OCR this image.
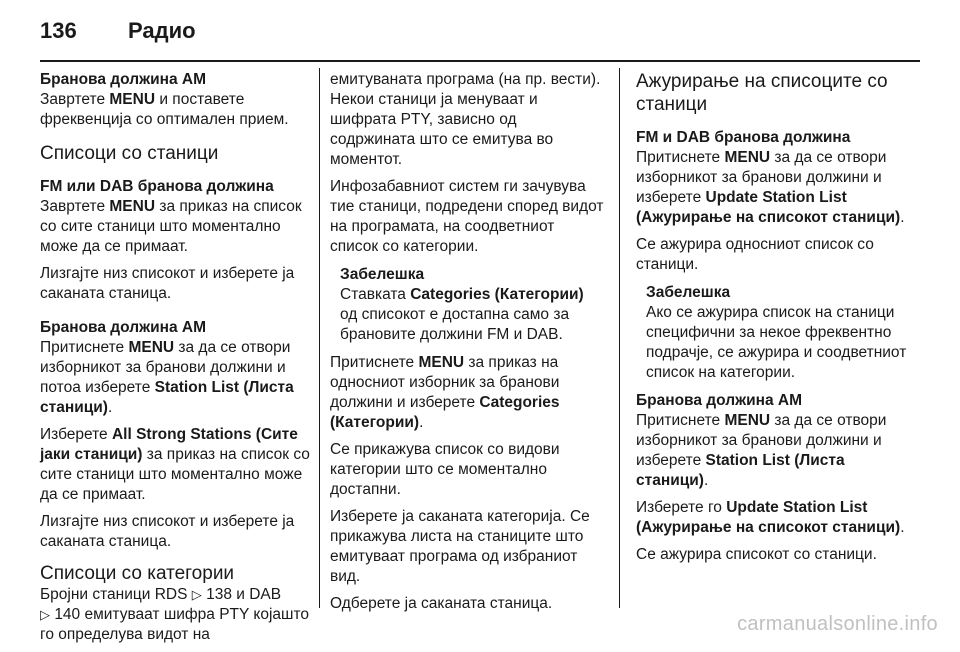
136 Радио

Бранова должина AM

Завртете MENU и поставете фреквенција со оптимален прием.

Списоци со станици

FM или DAB бранова должина

Завртете MENU за приказ на список со сите станици што моментално може да се примаат.

Лизгајте низ списокот и изберете ја саканата станица.

Бранова должина AM

Притиснете MENU за да се отвори изборникот за бранови должини и потоа изберете Station List (Листа станици).

Изберете All Strong Stations (Сите јаки станици) за приказ на список со сите станици што моментално може да се примаат.

Лизгајте низ списокот и изберете ја саканата станица.

Списоци со категории

Бројни станици RDS ▷ 138 и DAB
▷ 140 емитуваат шифра PTY којашто го определува видот на

емитуваната програма (на пр. вести). Некои станици ја менуваат и шифрата PTY, зависно од содржината што се емитува во моментот.

Инфозабавниот систем ги зачувува тие станици, подредени според видот на програмата, на соодветниот список со категории.

Забелешка
Ставката Categories (Категории) од списокот е достапна само за брановите должини FM и DAB.

Притиснете MENU за приказ на односниот изборник за бранови должини и изберете Categories (Категории).

Се прикажува список со видови категории што се моментално достапни.

Изберете ја саканата категорија. Се прикажува листа на станиците што емитуваат програма од избраниот вид.

Одберете ја саканата станица.

Ажурирање на списоците со станици

FM и DAB бранова должина

Притиснете MENU за да се отвори изборникот за бранови должини и изберете Update Station List (Ажурирање на списокот станици).

Се ажурира односниот список со станици.

Забелешка
Ако се ажурира список на станици специфични за некое фреквентно подрачје, се ажурира и соодветниот список на категории.

Бранова должина AM

Притиснете MENU за да се отвори изборникот за бранови должини и изберете Station List (Листа станици).

Изберете го Update Station List (Ажурирање на списокот станици).

Се ажурира списокот со станици.

carmanualsonline.info
